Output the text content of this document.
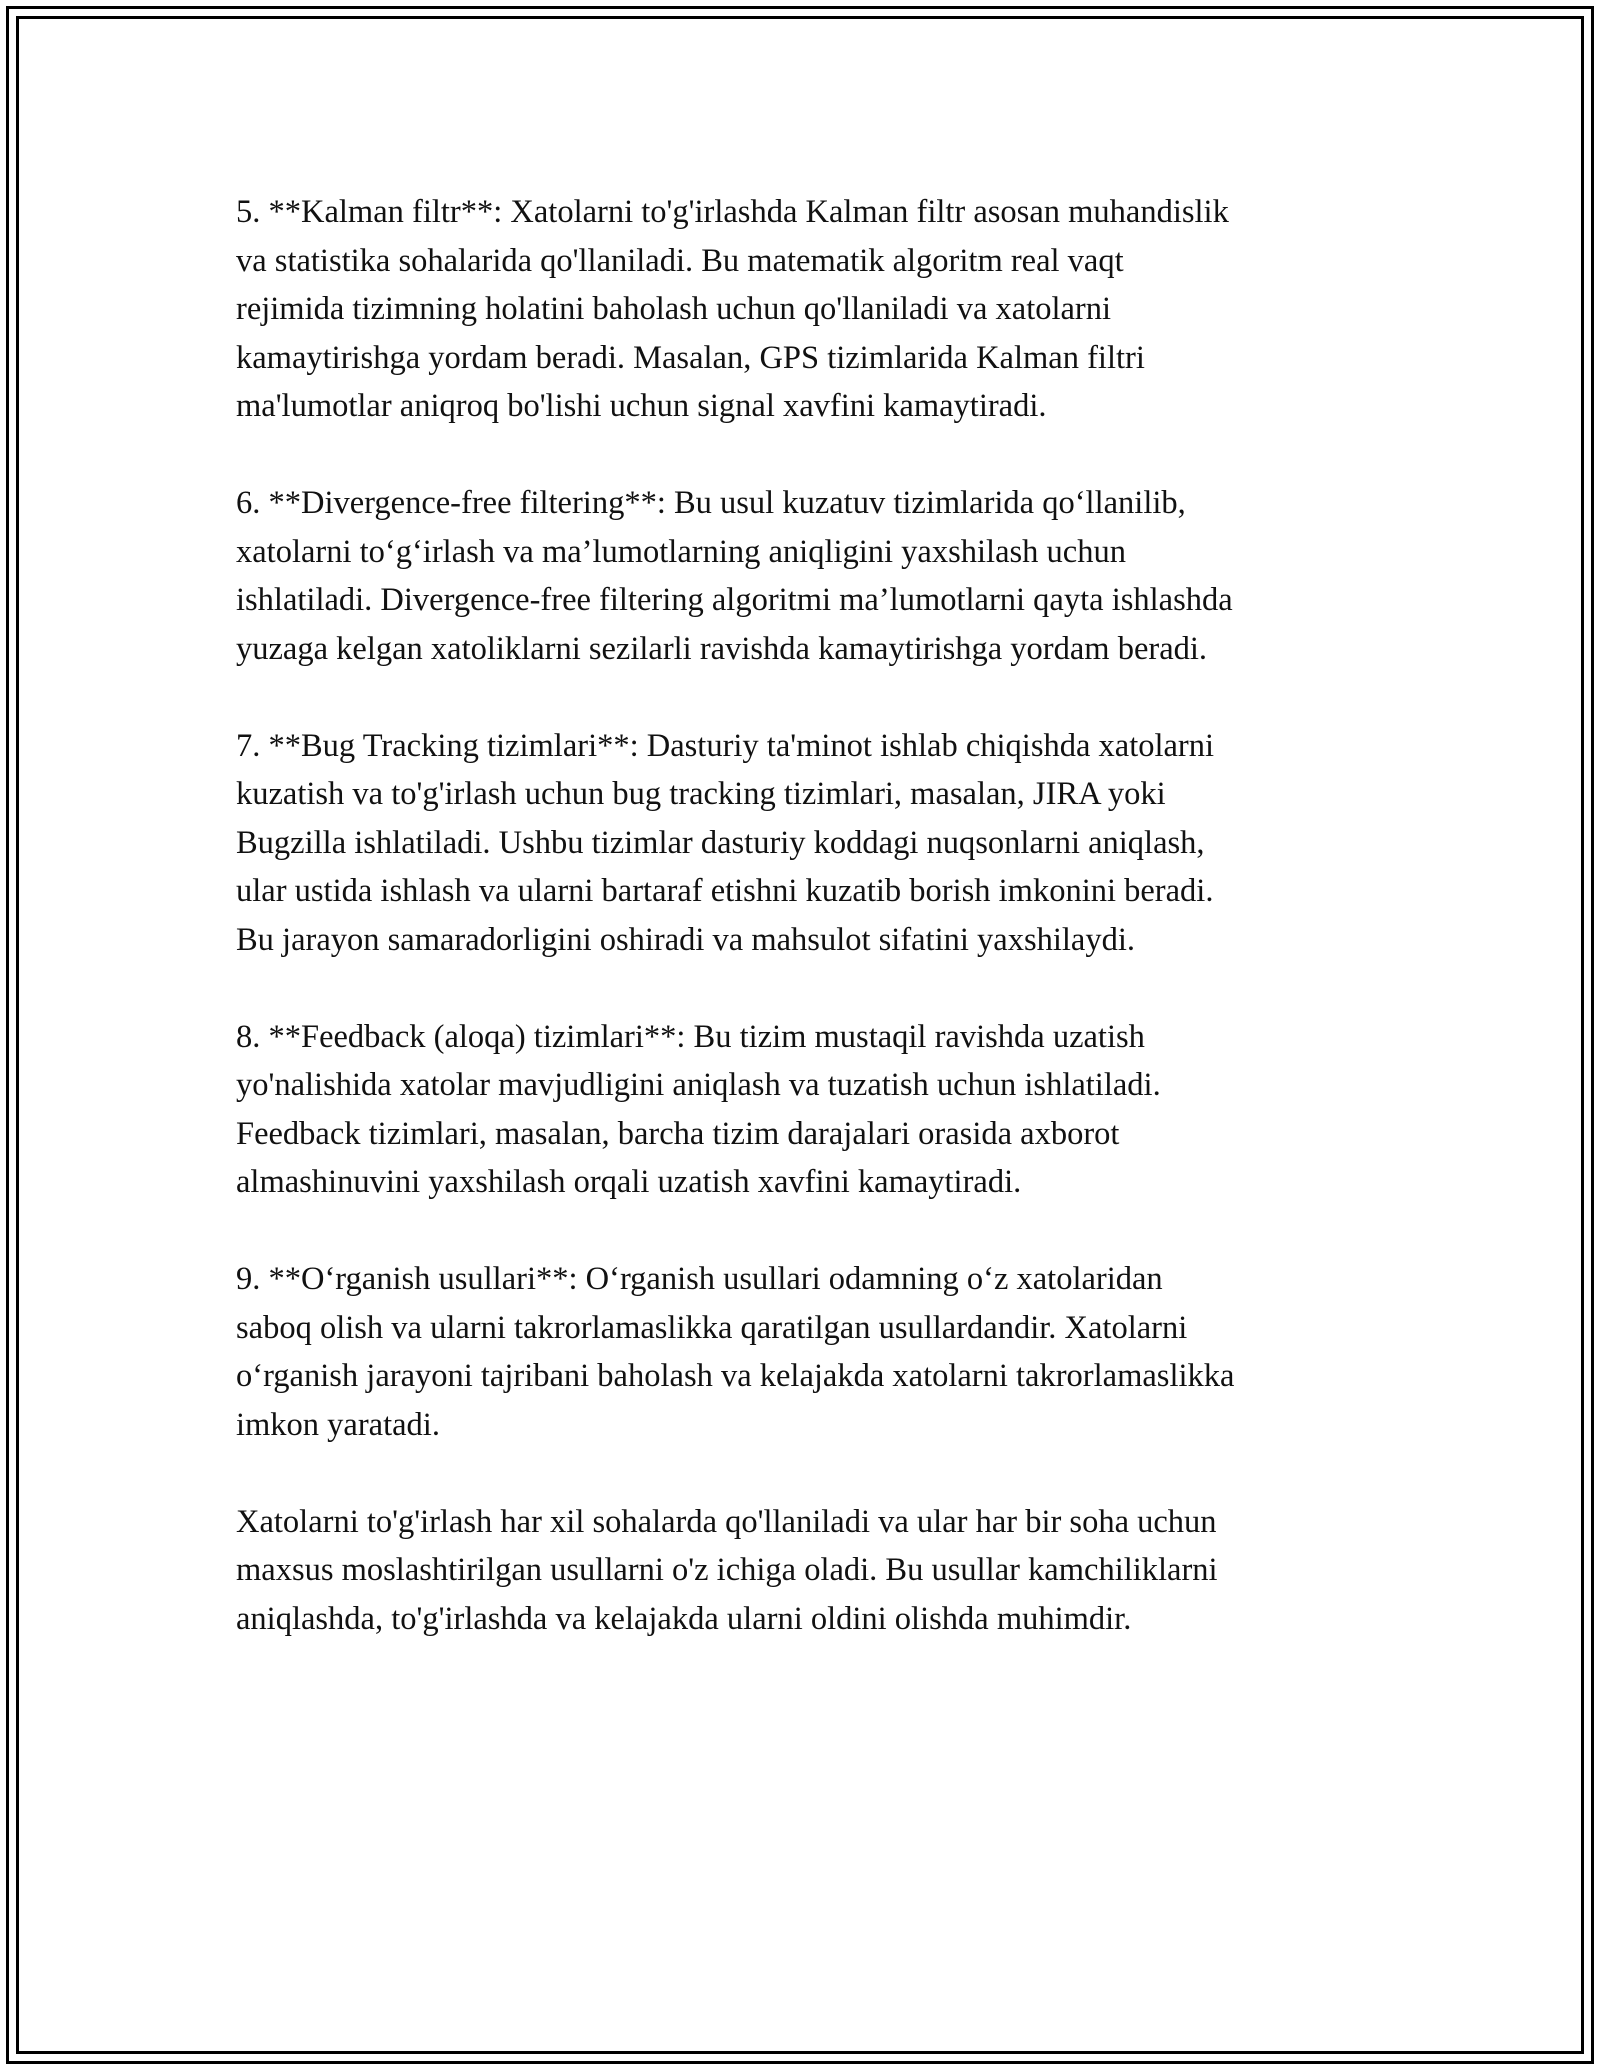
5. **Kalman filtr**: Xatolarni to'g'irlashda Kalman filtr asosan muhandislik
va statistika sohalarida qo'llaniladi. Bu matematik algoritm real vaqt
rejimida tizimning holatini baholash uchun qo'llaniladi va xatolarni
kamaytirishga yordam beradi. Masalan, GPS tizimlarida Kalman filtri
ma'lumotlar aniqroq bo'lishi uchun signal xavfini kamaytiradi.

6. **Divergence-free filtering**: Bu usul kuzatuv tizimlarida qo‘llanilib,
xatolarni to‘g‘irlash va ma’lumotlarning aniqligini yaxshilash uchun
ishlatiladi. Divergence-free filtering algoritmi ma’lumotlarni qayta ishlashda
yuzaga kelgan xatoliklarni sezilarli ravishda kamaytirishga yordam beradi.

7. **Bug Tracking tizimlari**: Dasturiy ta'minot ishlab chiqishda xatolarni
kuzatish va to'g'irlash uchun bug tracking tizimlari, masalan, JIRA yoki
Bugzilla ishlatiladi. Ushbu tizimlar dasturiy koddagi nuqsonlarni aniqlash,
ular ustida ishlash va ularni bartaraf etishni kuzatib borish imkonini beradi.
Bu jarayon samaradorligini oshiradi va mahsulot sifatini yaxshilaydi.

8. **Feedback (aloqa) tizimlari**: Bu tizim mustaqil ravishda uzatish
yo'nalishida xatolar mavjudligini aniqlash va tuzatish uchun ishlatiladi.
Feedback tizimlari, masalan, barcha tizim darajalari orasida axborot
almashinuvini yaxshilash orqali uzatish xavfini kamaytiradi.

9. **O‘rganish usullari**: O‘rganish usullari odamning o‘z xatolaridan
saboq olish va ularni takrorlamaslikka qaratilgan usullardandir. Xatolarni
o‘rganish jarayoni tajribani baholash va kelajakda xatolarni takrorlamaslikka
imkon yaratadi.

Xatolarni to'g'irlash har xil sohalarda qo'llaniladi va ular har bir soha uchun
maxsus moslashtirilgan usullarni o'z ichiga oladi. Bu usullar kamchiliklarni
aniqlashda, to'g'irlashda va kelajakda ularni oldini olishda muhimdir.
